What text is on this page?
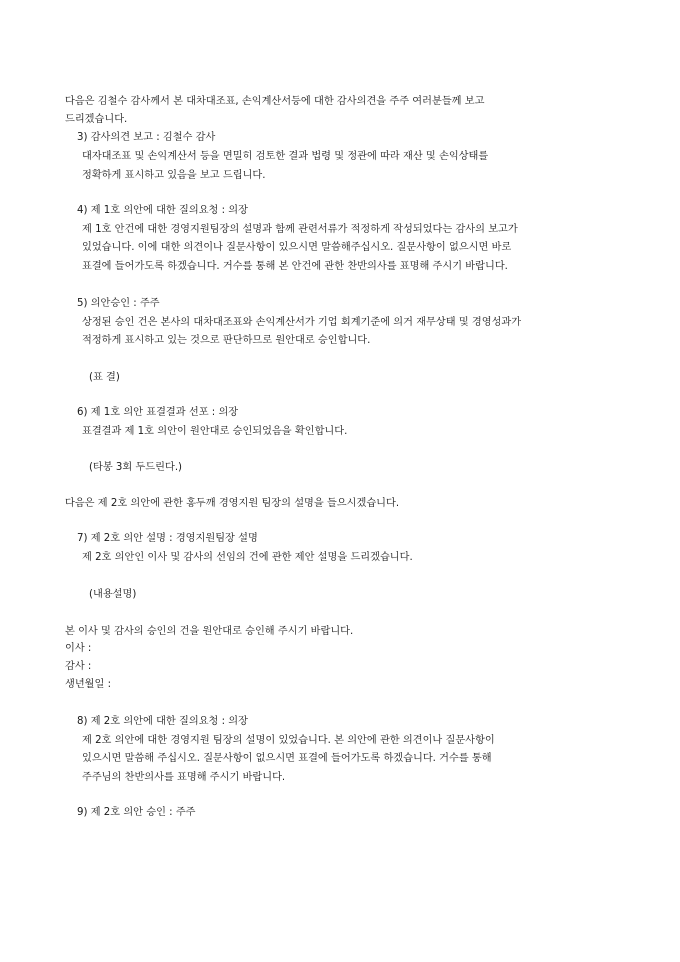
다음은 김철수 감사께서 본 대차대조표, 손익계산서등에 대한 감사의견을 주주 여러분들께 보고
드리겠습니다.
3) 감사의견 보고 : 김철수 감사
대자대조표 및 손익계산서 등을 면밀히 검토한 결과 법령 및 정관에 따라 재산 및 손익상태를
정확하게 표시하고 있음을 보고 드립니다.
4) 제 1호 의안에 대한 질의요청 : 의장
제 1호 안건에 대한 경영지원팀장의 설명과 함께 관련서류가 적정하게 작성되었다는 감사의 보고가
있었습니다. 이에 대한 의견이나 질문사항이 있으시면 말씀해주십시오. 질문사항이 없으시면 바로
표결에 들어가도록 하겠습니다. 거수를 통해 본 안건에 관한 찬반의사를 표명해 주시기 바랍니다.
5) 의안승인 : 주주
상정된 승인 건은 본사의 대차대조표와 손익계산서가 기업 회계기준에 의거 재무상태 및 경영성과가
적정하게 표시하고 있는 것으로 판단하므로 원안대로 승인합니다.
(표 결)
6) 제 1호 의안 표결결과 선포 : 의장
표결결과 제 1호 의안이 원안대로 승인되었음을 확인합니다.
(타봉 3회 두드린다.)
다음은 제 2호 의안에 관한 홍두깨 경영지원 팀장의 설명을 들으시겠습니다.
7) 제 2호 의안 설명 : 경영지원팀장 설명
제 2호 의안인 이사 및 감사의 선임의 건에 관한 제안 설명을 드리겠습니다.
(내용설명)
본 이사 및 감사의 승인의 건을 원안대로 승인해 주시기 바랍니다.
이사 :
감사 :
생년월일 :
8) 제 2호 의안에 대한 질의요청 : 의장
제 2호 의안에 대한 경영지원 팀장의 설명이 있었습니다. 본 의안에 관한 의견이나 질문사항이
있으시면 말씀해 주십시오. 질문사항이 없으시면 표결에 들어가도록 하겠습니다. 거수를 통해
주주님의 찬반의사를 표명해 주시기 바랍니다.
9) 제 2호 의안 승인 : 주주
